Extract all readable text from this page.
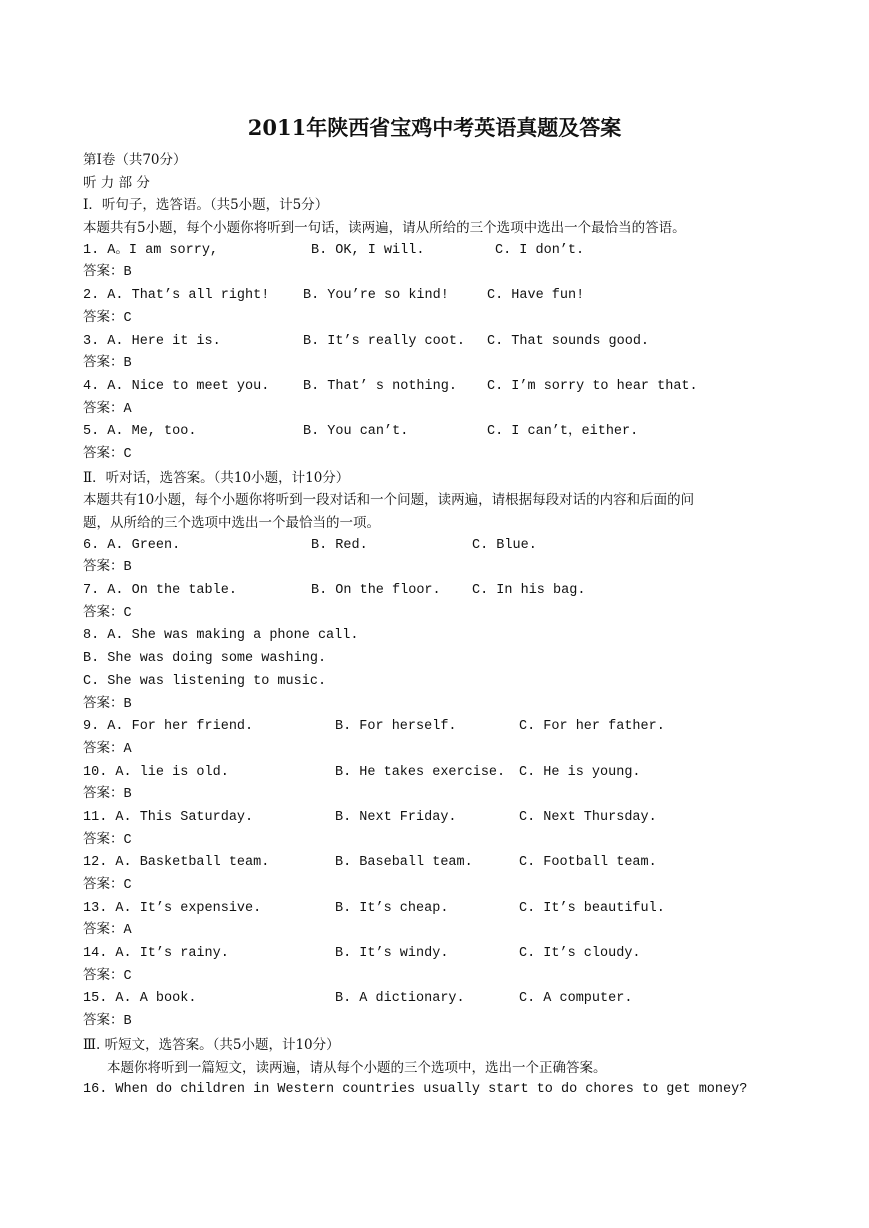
2011年陕西省宝鸡中考英语真题及答案
第Ⅰ卷（共70分）
听 力 部 分
Ⅰ．听句子，选答语。（共5小题，计5分）
本题共有5小题，每个小题你将听到一句话，读两遍，请从所给的三个选项中选出一个最恰当的答语。
1. A。I am sorry,	B. OK, I will.	C. I don’t.
答案：B
2. A. That’s all right! B. You’re so kind!	C. Have fun!
答案：C
3. A. Here it is.	B. It’s really coot. C. That sounds good.
答案：B
4. A. Nice to meet you. B. That’ s nothing. C. I’m sorry to hear that.
答案：A
5. A. Me, too.	B. You can’t.	C. I can’t，either.
答案：C
Ⅱ．听对话，选答案。（共10小题，计10分）
本题共有10小题，每个小题你将听到一段对话和一个问题，读两遍，请根据每段对话的内容和后面的问
题，从所给的三个选项中选出一个最恰当的一项。
6. A. Green.	B. Red.	C. Blue.
答案：B
7. A. On the table.	B. On the floor. C. In his bag.
答案：C
8. A. She was making a phone call.
B. She was doing some washing.
C. She was listening to music.
答案：B
9. A. For her friend.	B. For herself.	C. For her father.
答案：A
10. A. lie is old.	B. He takes exercise. C. He is young.
答案：B
11. A. This Saturday.	B. Next Friday.	C. Next Thursday.
答案：C
12. A. Basketball team.	B. Baseball team.	C. Football team.
答案：C
13. A. It’s expensive.	B. It’s cheap.	C. It’s beautiful.
答案：A
14. A. It’s rainy.	B. It’s windy.	C. It’s cloudy.
答案：C
15. A. A book.	B. A dictionary.	C. A computer.
答案：B
Ⅲ. 听短文，选答案。（共5小题，计10分）
本题你将听到一篇短文，读两遍，请从每个小题的三个选项中，选出一个正确答案。
16. When do children in Western countries usually start to do chores to get money?
